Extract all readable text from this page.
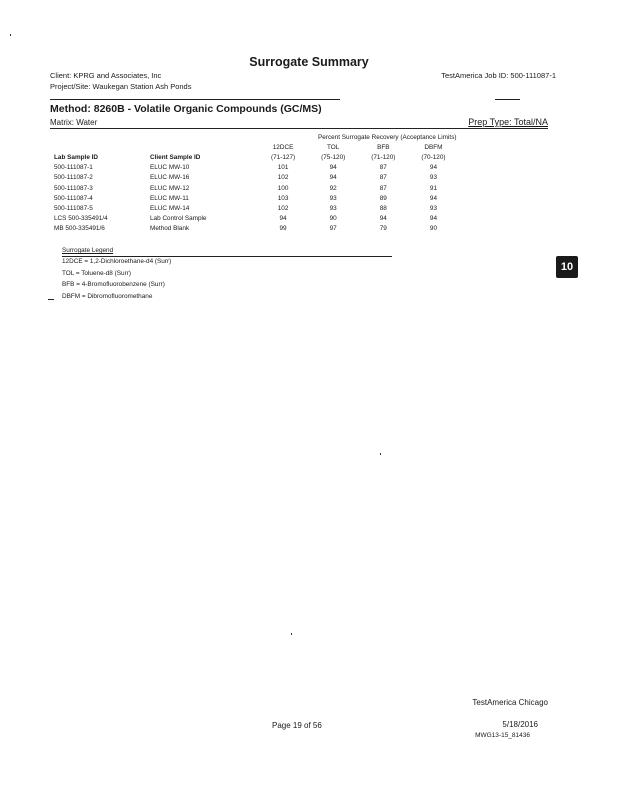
Surrogate Summary
Client: KPRG and Associates, Inc	TestAmerica Job ID: 500-111087-1
Project/Site: Waukegan Station Ash Ponds
Method: 8260B - Volatile Organic Compounds (GC/MS)
Matrix: Water	Prep Type: Total/NA
		Percent Surrogate Recovery (Acceptance Limits)			
		12DCE	TOL	BFB	DBFM
Lab Sample ID	Client Sample ID	(71-127)	(75-120)	(71-120)	(70-120)
500-111087-1	ELUC MW-10	101	94	87	94
500-111087-2	ELUC MW-16	102	94	87	93
500-111087-3	ELUC MW-12	100	92	87	91
500-111087-4	ELUC MW-11	103	93	89	94
500-111087-5	ELUC MW-14	102	93	88	93
LCS 500-335491/4	Lab Control Sample	94	90	94	94
MB 500-335491/6	Method Blank	99	97	79	90
Surrogate Legend
12DCE = 1,2-Dichloroethane-d4 (Surr)
TOL = Toluene-d8 (Surr)
BFB = 4-Bromofluorobenzene (Surr)
DBFM = Dibromofluoromethane
10
TestAmerica Chicago
Page 19 of 56	5/18/2016
MWG13-15_81436
